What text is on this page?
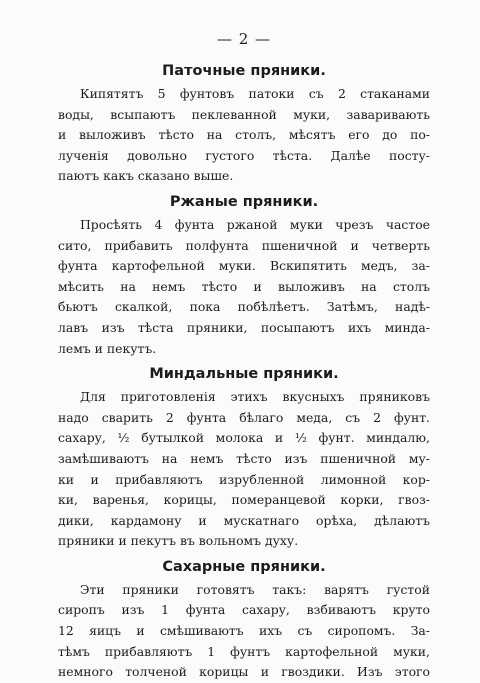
— 2 —
Паточные пряники.
Кипятятъ 5 фунтовъ патоки съ 2 стаканами
воды, всыпаютъ пеклеванной муки, заваривають
и выложивъ тѣсто на столъ, мѣсятъ его до по-
лученія довольно густого тѣста. Далѣе посту-
паютъ какъ сказано выше.
Ржаные пряники.
Просѣять 4 фунта ржаной муки чрезъ частое
сито, прибавить полфунта пшеничной и четверть
фунта картофельной муки. Вскипятить медъ, за-
мѣсить на немъ тѣсто и выложивъ на столъ
бьютъ скалкой, пока побѣлѣетъ. Затѣмъ, надѣ-
лавъ изъ тѣста пряники, посыпаютъ ихъ минда-
лемъ и пекутъ.
Миндальные пряники.
Для приготовленія этихъ вкусныхъ пряниковъ
надо сварить 2 фунта бѣлаго меда, съ 2 фунт.
сахару, ½ бутылкой молока и ½ фунт. миндалю,
замѣшиваютъ на немъ тѣсто изъ пшеничной му-
ки и прибавляютъ изрубленной лимонной кор-
ки, варенья, корицы, померанцевой корки, гвоз-
дики, кардамону и мускатнаго орѣха, дѣлаютъ
пряники и пекутъ въ вольномъ духу.
Сахарные пряники.
Эти пряники готовятъ такъ: варятъ густой
сиропъ изъ 1 фунта сахару, взбиваютъ круто
12 яицъ и смѣшиваютъ ихъ съ сиропомъ. За-
тѣмъ прибавляютъ 1 фунтъ картофельной муки,
немного толченой корицы и гвоздики. Изъ этого
